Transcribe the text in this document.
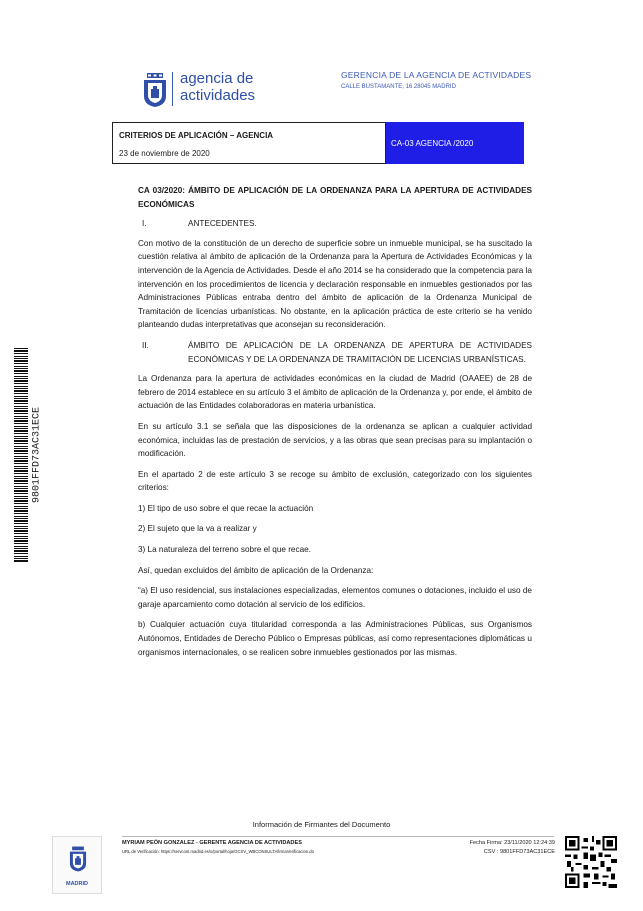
agencia de
actividades
GERENCIA DE LA AGENCIA DE ACTIVIDADES
CALLE BUSTAMANTE, 16 28045 MADRID
CRITERIOS DE APLICACIÓN – AGENCIA
23 de noviembre de 2020
CA-03 AGENCIA /2020
9801FFD73AC31ECE
CA 03/2020: ÁMBITO DE APLICACIÓN DE LA ORDENANZA PARA LA APERTURA DE ACTIVIDADES ECONÓMICAS
I.	ANTECEDENTES.

Con motivo de la constitución de un derecho de superficie sobre un inmueble municipal, se ha suscitado la cuestión relativa al ámbito de aplicación de la Ordenanza para la Apertura de Actividades Económicas y la intervención de la Agencia de Actividades. Desde el año 2014 se ha considerado que la competencia para la intervención en los procedimientos de licencia y declaración responsable en inmuebles gestionados por las Administraciones Públicas entraba dentro del ámbito de aplicación de la Ordenanza Municipal de Tramitación de licencias urbanísticas. No obstante, en la aplicación práctica de este criterio se ha venido planteando dudas interpretativas que aconsejan su reconsideración.

II.	ÁMBITO DE APLICACIÓN DE LA ORDENANZA DE APERTURA DE ACTIVIDADES ECONÓMICAS Y DE LA ORDENANZA DE TRAMITACIÓN DE LICENCIAS URBANÍSTICAS.

La Ordenanza para la apertura de actividades económicas en la ciudad de Madrid (OAAEE) de 28 de febrero de 2014 establece en su artículo 3 el ámbito de aplicación de la Ordenanza y, por ende, el ámbito de actuación de las Entidades colaboradoras en materia urbanística.

En su artículo 3.1 se señala que las disposiciones de la ordenanza se aplican a cualquier actividad económica, incluidas las de prestación de servicios, y a las obras que sean precisas para su implantación o modificación.

En el apartado 2 de este artículo 3 se recoge su ámbito de exclusión, categorizado con los siguientes criterios:

1) El tipo de uso sobre el que recae la actuación

2) El sujeto que la va a realizar y

3) La naturaleza del terreno sobre el que recae.

Así, quedan excluidos del ámbito de aplicación de la Ordenanza:

“a) El uso residencial, sus instalaciones especializadas, elementos comunes o dotaciones, incluido el uso de garaje aparcamiento como dotación al servicio de los edificios.

b) Cualquier actuación cuya titularidad corresponda a las Administraciones Públicas, sus Organismos Autónomos, Entidades de Derecho Público o Empresas públicas, así como representaciones diplomáticas u organismos internacionales, o se realicen sobre inmuebles gestionados por las mismas.

Información de Firmantes del Documento
MYRIAM PEÓN GONZALEZ - GERENTE AGENCIA DE ACTIVIDADES
URL de Verificación: https://servcont.madrid.es/o/portal/hoja/GCSV_WBCONSULTAfirmaVerificacion.do
Fecha Firma: 23/11/2020 12:24:39
CSV : 9801FFD73AC31ECE
MADRID
